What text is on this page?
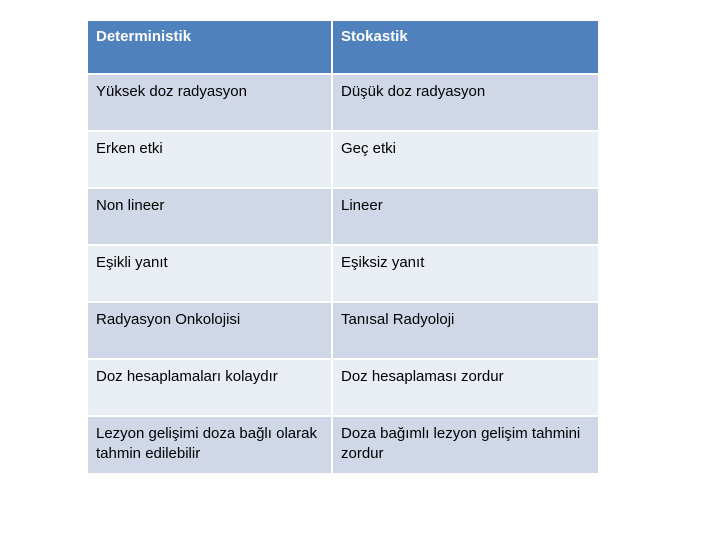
Deterministik	Stokastik
Yüksek doz radyasyon	Düşük doz radyasyon
Erken etki	Geç etki
Non lineer	Lineer
Eşikli yanıt	Eşiksiz yanıt
Radyasyon Onkolojisi	Tanısal Radyoloji
Doz hesaplamaları kolaydır	Doz hesaplaması zordur
Lezyon gelişimi doza bağlı olarak tahmin edilebilir	Doza bağımlı lezyon gelişim tahmini zordur
